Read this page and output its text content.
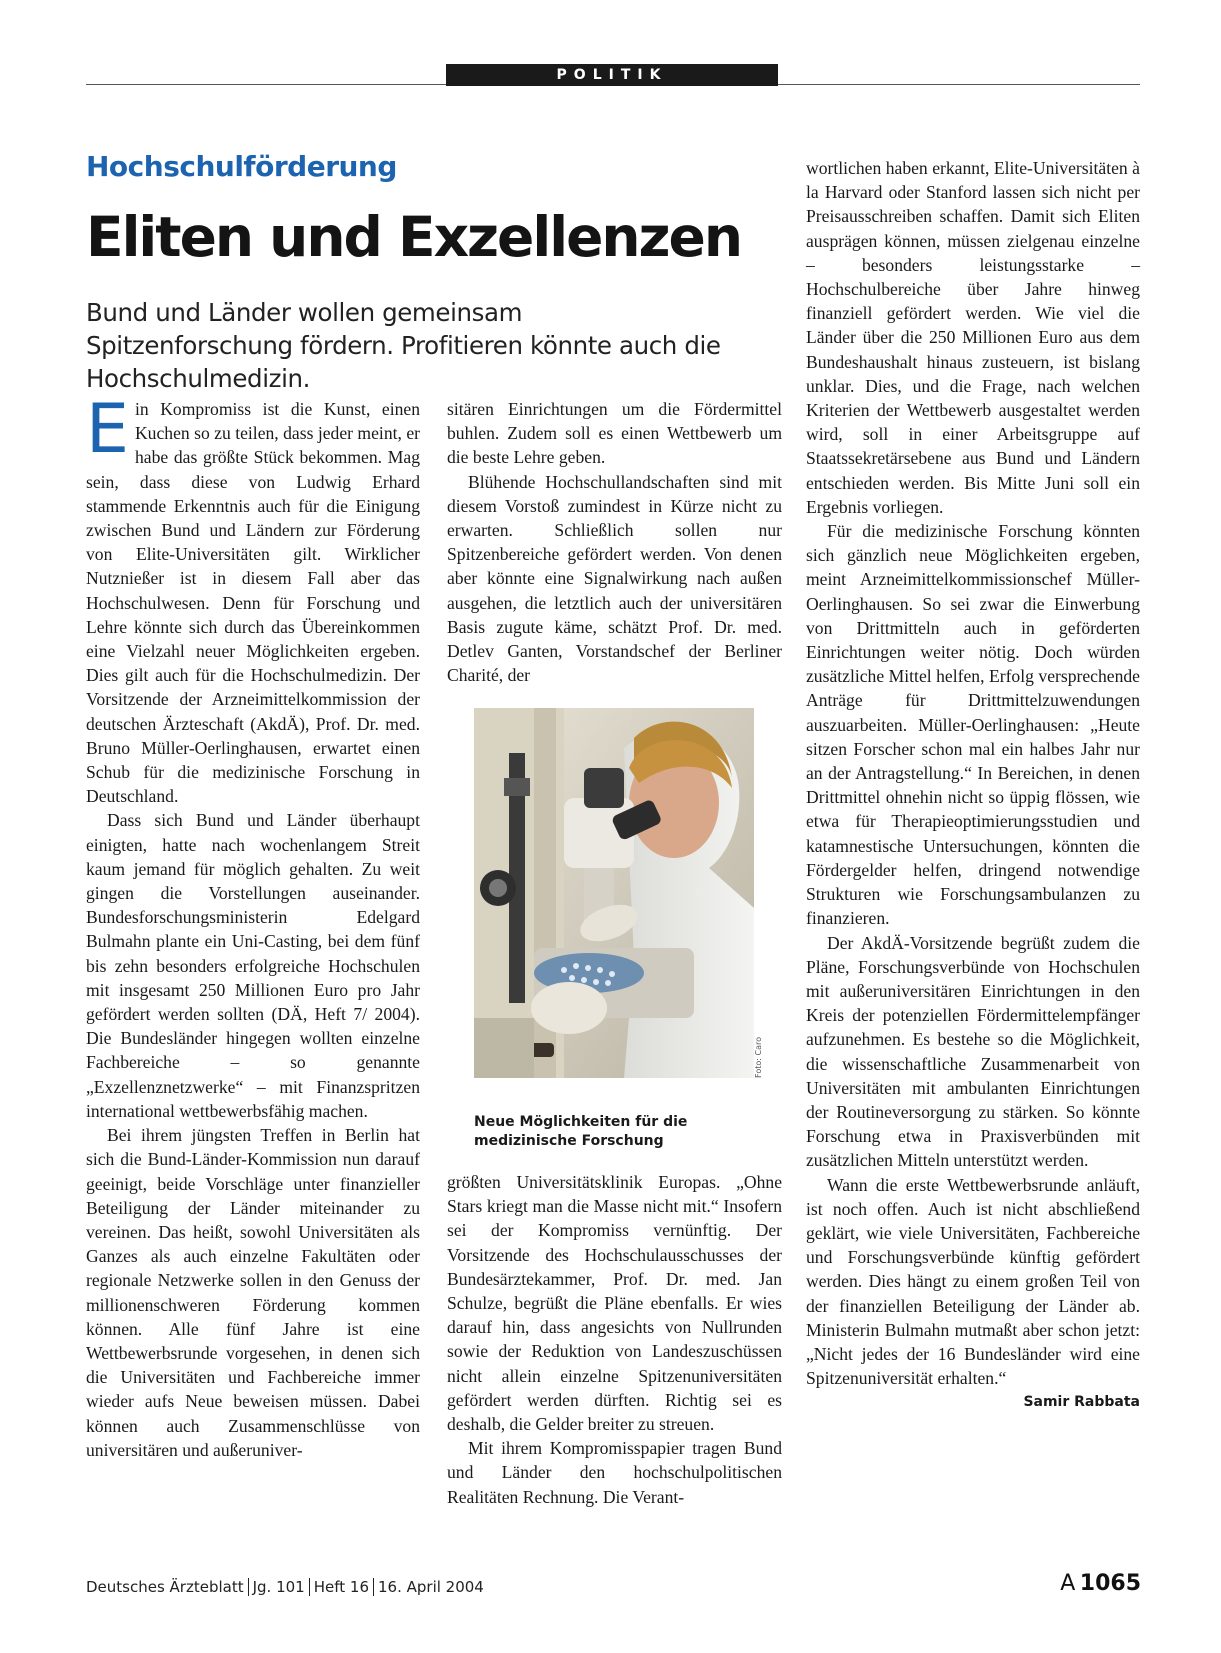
POLITIK
Hochschulförderung
Eliten und Exzellenzen
Bund und Länder wollen gemeinsam Spitzenforschung fördern. Profitieren könnte auch die Hochschulmedizin.

Ein Kompromiss ist die Kunst, einen Kuchen so zu teilen, dass jeder meint, er habe das größte Stück bekommen. Mag sein, dass diese von Ludwig Erhard stammende Erkenntnis auch für die Einigung zwischen Bund und Ländern zur Förderung von Elite-Universitäten gilt. Wirklicher Nutznießer ist in diesem Fall aber das Hochschulwesen. Denn für Forschung und Lehre könnte sich durch das Übereinkommen eine Vielzahl neuer Möglichkeiten ergeben. Dies gilt auch für die Hochschulmedizin. Der Vorsitzende der Arzneimittelkommission der deutschen Ärzteschaft (AkdÄ), Prof. Dr. med. Bruno Müller-Oerlinghausen, erwartet einen Schub für die medizinische Forschung in Deutschland.

Dass sich Bund und Länder überhaupt einigten, hatte nach wochenlangem Streit kaum jemand für möglich gehalten. Zu weit gingen die Vorstellungen auseinander. Bundesforschungsministerin Edelgard Bulmahn plante ein Uni-Casting, bei dem fünf bis zehn besonders erfolgreiche Hochschulen mit insgesamt 250 Millionen Euro pro Jahr gefördert werden sollten (DÄ, Heft 7/ 2004). Die Bundesländer hingegen wollten einzelne Fachbereiche – so genannte „Exzellenznetzwerke“ – mit Finanzspritzen international wettbewerbsfähig machen.

Bei ihrem jüngsten Treffen in Berlin hat sich die Bund-Länder-Kommission nun darauf geeinigt, beide Vorschläge unter finanzieller Beteiligung der Länder miteinander zu vereinen. Das heißt, sowohl Universitäten als Ganzes als auch einzelne Fakultäten oder regionale Netzwerke sollen in den Genuss der millionenschweren Förderung kommen können. Alle fünf Jahre ist eine Wettbewerbsrunde vorgesehen, in denen sich die Universitäten und Fachbereiche immer wieder aufs Neue beweisen müssen. Dabei können auch Zusammenschlüsse von universitären und außeruniver-

sitären Einrichtungen um die Fördermittel buhlen. Zudem soll es einen Wettbewerb um die beste Lehre geben.

Blühende Hochschullandschaften sind mit diesem Vorstoß zumindest in Kürze nicht zu erwarten. Schließlich sollen nur Spitzenbereiche gefördert werden. Von denen aber könnte eine Signalwirkung nach außen ausgehen, die letztlich auch der universitären Basis zugute käme, schätzt Prof. Dr. med. Detlev Ganten, Vorstandschef der Berliner Charité, der

Foto: Caro
Neue Möglichkeiten für die medizinische Forschung

größten Universitätsklinik Europas. „Ohne Stars kriegt man die Masse nicht mit.“ Insofern sei der Kompromiss vernünftig. Der Vorsitzende des Hochschulausschusses der Bundesärztekammer, Prof. Dr. med. Jan Schulze, begrüßt die Pläne ebenfalls. Er wies darauf hin, dass angesichts von Nullrunden sowie der Reduktion von Landeszuschüssen nicht allein einzelne Spitzenuniversitäten gefördert werden dürften. Richtig sei es deshalb, die Gelder breiter zu streuen.

Mit ihrem Kompromisspapier tragen Bund und Länder den hochschulpolitischen Realitäten Rechnung. Die Verant-

wortlichen haben erkannt, Elite-Universitäten à la Harvard oder Stanford lassen sich nicht per Preisausschreiben schaffen. Damit sich Eliten ausprägen können, müssen zielgenau einzelne – besonders leistungsstarke – Hochschulbereiche über Jahre hinweg finanziell gefördert werden. Wie viel die Länder über die 250 Millionen Euro aus dem Bundeshaushalt hinaus zusteuern, ist bislang unklar. Dies, und die Frage, nach welchen Kriterien der Wettbewerb ausgestaltet werden wird, soll in einer Arbeitsgruppe auf Staatssekretärsebene aus Bund und Ländern entschieden werden. Bis Mitte Juni soll ein Ergebnis vorliegen.

Für die medizinische Forschung könnten sich gänzlich neue Möglichkeiten ergeben, meint Arzneimittelkommissionschef Müller-Oerlinghausen. So sei zwar die Einwerbung von Drittmitteln auch in geförderten Einrichtungen weiter nötig. Doch würden zusätzliche Mittel helfen, Erfolg versprechende Anträge für Drittmittelzuwendungen auszuarbeiten. Müller-Oerlinghausen: „Heute sitzen Forscher schon mal ein halbes Jahr nur an der Antragstellung.“ In Bereichen, in denen Drittmittel ohnehin nicht so üppig flössen, wie etwa für Therapieoptimierungsstudien und katamnestische Untersuchungen, könnten die Fördergelder helfen, dringend notwendige Strukturen wie Forschungsambulanzen zu finanzieren.

Der AkdÄ-Vorsitzende begrüßt zudem die Pläne, Forschungsverbünde von Hochschulen mit außeruniversitären Einrichtungen in den Kreis der potenziellen Fördermittelempfänger aufzunehmen. Es bestehe so die Möglichkeit, die wissenschaftliche Zusammenarbeit von Universitäten mit ambulanten Einrichtungen der Routineversorgung zu stärken. So könnte Forschung etwa in Praxisverbünden mit zusätzlichen Mitteln unterstützt werden.

Wann die erste Wettbewerbsrunde anläuft, ist noch offen. Auch ist nicht abschließend geklärt, wie viele Universitäten, Fachbereiche und Forschungsverbünde künftig gefördert werden. Dies hängt zu einem großen Teil von der finanziellen Beteiligung der Länder ab. Ministerin Bulmahn mutmaßt aber schon jetzt: „Nicht jedes der 16 Bundesländer wird eine Spitzenuniversität erhalten.“
Samir Rabbata

Deutsches Ärzteblatt Jg. 101 Heft 16 16. April 2004	A  1065
